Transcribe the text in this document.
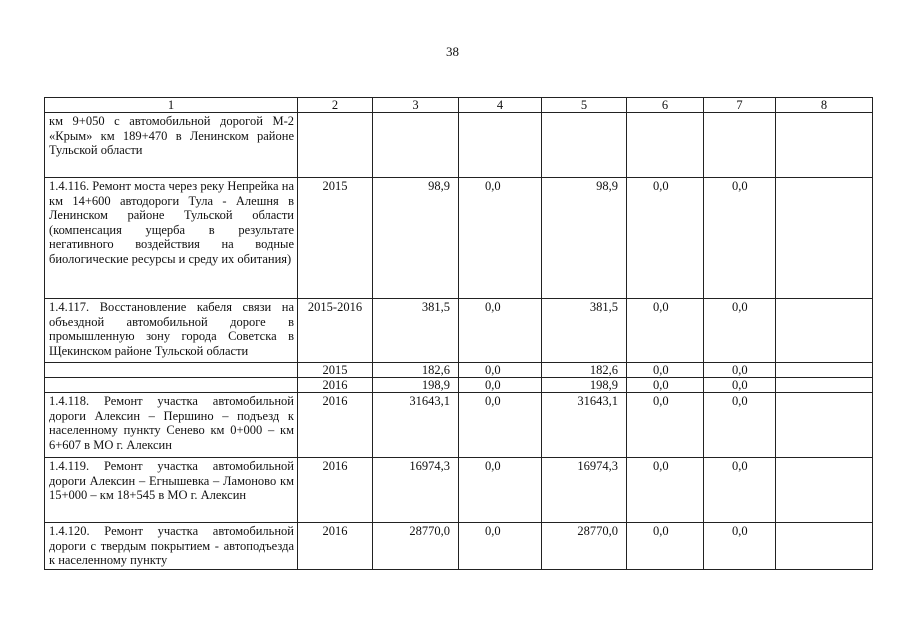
38
1	2	3	4	5	6	7	8
км 9+050 с автомобильной дорогой М-2 «Крым» км 189+470 в Ленинском районе Тульской области							
1.4.116. Ремонт моста через реку Непрейка на км 14+600 автодороги Тула - Алешня в Ленинском районе Тульской области (компенсация ущерба в результате негативного воздействия на водные биологические ресурсы и среду их обитания)	2015	98,9	0,0	98,9	0,0	0,0	
1.4.117. Восстановление кабеля связи на объездной автомобильной дороге в промышленную зону города Советска в Щекинском районе Тульской области	2015-2016	381,5	0,0	381,5	0,0	0,0	
	2015	182,6	0,0	182,6	0,0	0,0	
	2016	198,9	0,0	198,9	0,0	0,0	
1.4.118. Ремонт участка автомобильной дороги Алексин – Першино – подъезд к населенному пункту Сенево км 0+000 – км 6+607 в МО г. Алексин	2016	31643,1	0,0	31643,1	0,0	0,0	
1.4.119. Ремонт участка автомобильной дороги Алексин – Егнышевка – Ламоново км 15+000 – км 18+545 в МО г. Алексин	2016	16974,3	0,0	16974,3	0,0	0,0	
1.4.120. Ремонт участка автомобильной дороги с твердым покрытием - автоподъезда к населенному пункту	2016	28770,0	0,0	28770,0	0,0	0,0	
